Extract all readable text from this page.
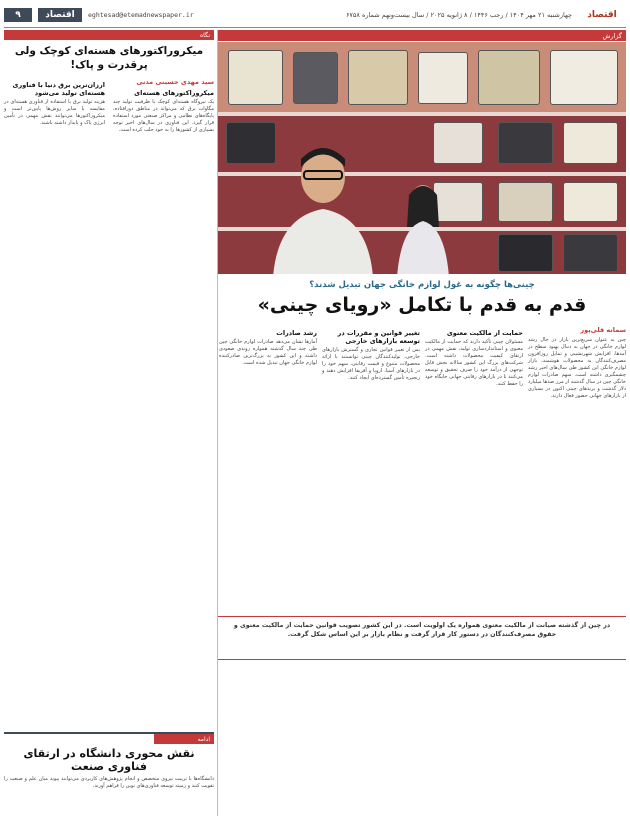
اقتصاد
چهارشنبه ۲۱ مهر ۱۴۰۴ / رجب ۱۴۴۶ / ۸ ژانویه ۲۰۲۵ / سال بیست‌ونهم شماره ۶۷۵۸
eghtesad@etemadnewspaper.ir
اقتصاد
۹
گزارش
چینی‌ها چگونه به غول لوازم خانگی جهان تبدیل شدند؟
قدم به قدم با تکامل «رویای چینی»
سمانه قلی‌پور

چین به عنوان سریع‌ترین بازار در حال رشد لوازم خانگی در جهان به دنبال بهبود سطح در آمدها، افزایش شهرنشینی و تمایل روزافزون مصرف‌کنندگان به محصولات هوشمند، بازار لوازم خانگی این کشور طی سال‌های اخیر رشد چشمگیری داشته است. سهم صادرات لوازم خانگی چین در سال گذشته از مرز صدها میلیارد دلار گذشت و برندهای چینی اکنون در بسیاری از بازارهای جهانی حضور فعال دارند.

حمایت از مالکیت معنوی

مسئولان چینی تأکید دارند که حمایت از مالکیت معنوی و استانداردسازی تولید، نقش مهمی در ارتقای کیفیت محصولات داشته است. شرکت‌های بزرگ این کشور سالانه بخش قابل توجهی از درآمد خود را صرف تحقیق و توسعه می‌کنند تا در بازارهای رقابتی جهانی جایگاه خود را حفظ کنند.

تغییر قوانین و مقررات در توسعه بازارهای خارجی

پس از تغییر قوانین تجاری و گسترش بازارهای خارجی، تولیدکنندگان چینی توانستند با ارائه محصولات متنوع و قیمت رقابتی، سهم خود را در بازارهای آسیا، اروپا و آفریقا افزایش دهند و زنجیره تأمین گسترده‌ای ایجاد کنند.

رشد صادرات

آمارها نشان می‌دهد صادرات لوازم خانگی چین طی چند سال گذشته همواره روندی صعودی داشته و این کشور به بزرگ‌ترین صادرکننده لوازم خانگی جهان تبدیل شده است.

در چین از گذشته صیانت از مالکیت معنوی همواره یک اولویت است. در این کشور تصویب قوانین حمایت از مالکیت معنوی و حقوق مصرف‌کنندگان در دستور کار قرار گرفت و نظام بازار بر این اساس شکل گرفت.

نگاه
میکروراکتورهای هسته‌ای کوچک ولی پرقدرت و پاک!
سید مهدی حسینی مدنی
میکروراکتورهای هسته‌ای

یک نیروگاه هسته‌ای کوچک با ظرفیت تولید چند مگاوات برق که می‌تواند در مناطق دورافتاده، پایگاه‌های نظامی و مراکز صنعتی مورد استفاده قرار گیرد. این فناوری در سال‌های اخیر توجه بسیاری از کشورها را به خود جلب کرده است.

ارزان‌ترین برق دنیا با فناوری هسته‌ای تولید می‌شود

هزینه تولید برق با استفاده از فناوری هسته‌ای در مقایسه با سایر روش‌ها پایین‌تر است و میکروراکتورها می‌توانند نقش مهمی در تأمین انرژی پاک و پایدار داشته باشند.

ادامه
نقش محوری دانشگاه در ارتقای فناوری صنعت

دانشگاه‌ها با تربیت نیروی متخصص و انجام پژوهش‌های کاربردی می‌توانند پیوند میان علم و صنعت را تقویت کنند و زمینه توسعه فناوری‌های نوین را فراهم آورند.
